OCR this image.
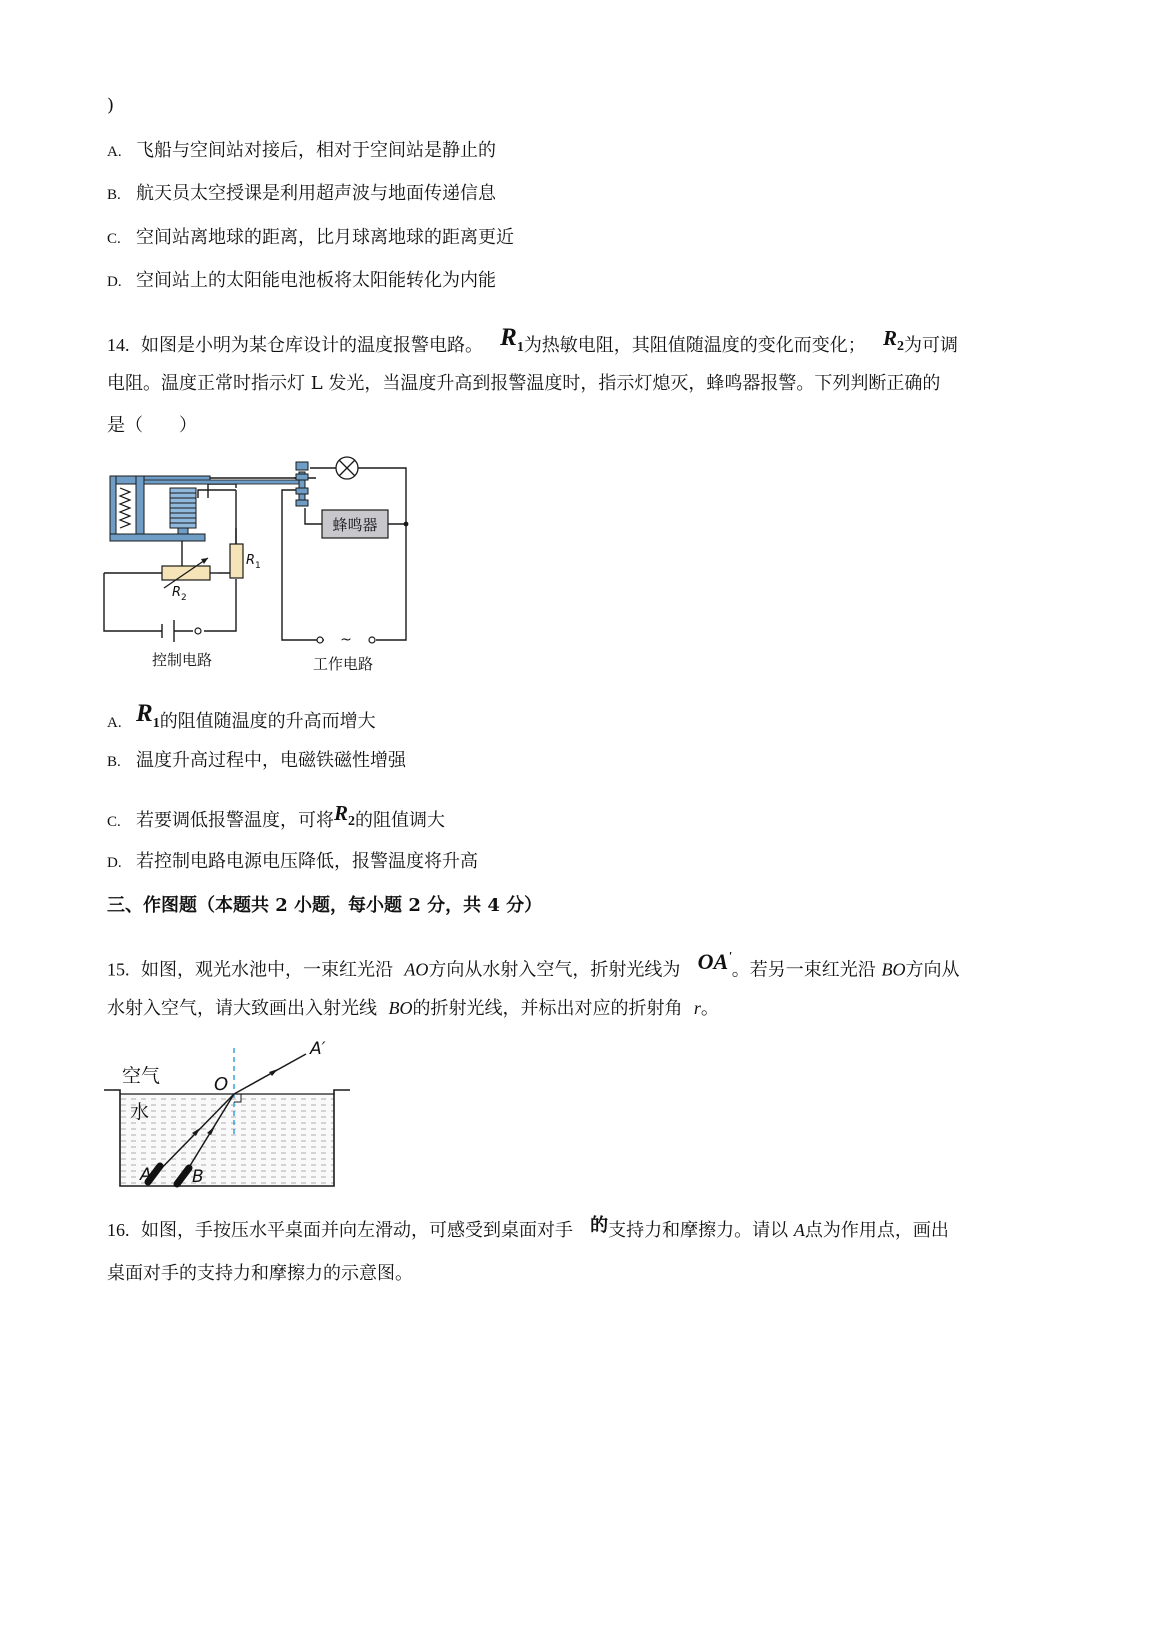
)
A. 飞船与空间站对接后，相对于空间站是静止的
B. 航天员太空授课是利用超声波与地面传递信息
C. 空间站离地球的距离，比月球离地球的距离更近
D. 空间站上的太阳能电池板将太阳能转化为内能
14. 如图是小明为某仓库设计的温度报警电路。 $R_1$为热敏电阻，其阻值随温度的变化而变化； $R_2$为可调
电阻。温度正常时指示灯 L 发光，当温度升高到报警温度时，指示灯熄灭，蜂鸣器报警。下列判断正确的
是（　　）
蜂鸣器
$R_1$
$R_2$
~
控制电路	工作电路
A. $R_1$的阻值随温度的升高而增大
B. 温度升高过程中，电磁铁磁性增强
C. 若要调低报警温度，可将$R_2$的阻值调大
D. 若控制电路电源电压降低，报警温度将升高
三、作图题（本题共 2 小题，每小题 2 分，共 4 分）
15. 如图，观光水池中，一束红光沿 AO方向从水射入空气，折射光线为 OA'。若另一束红光沿 BO方向从
水射入空气，请大致画出入射光线 BO的折射光线，并标出对应的折射角 r。
空气
水
O
A′
A B
16. 如图，手按压水平桌面并向左滑动，可感受到桌面对手 的支持力和摩擦力。请以 A点为作用点，画出
桌面对手的支持力和摩擦力的示意图。
